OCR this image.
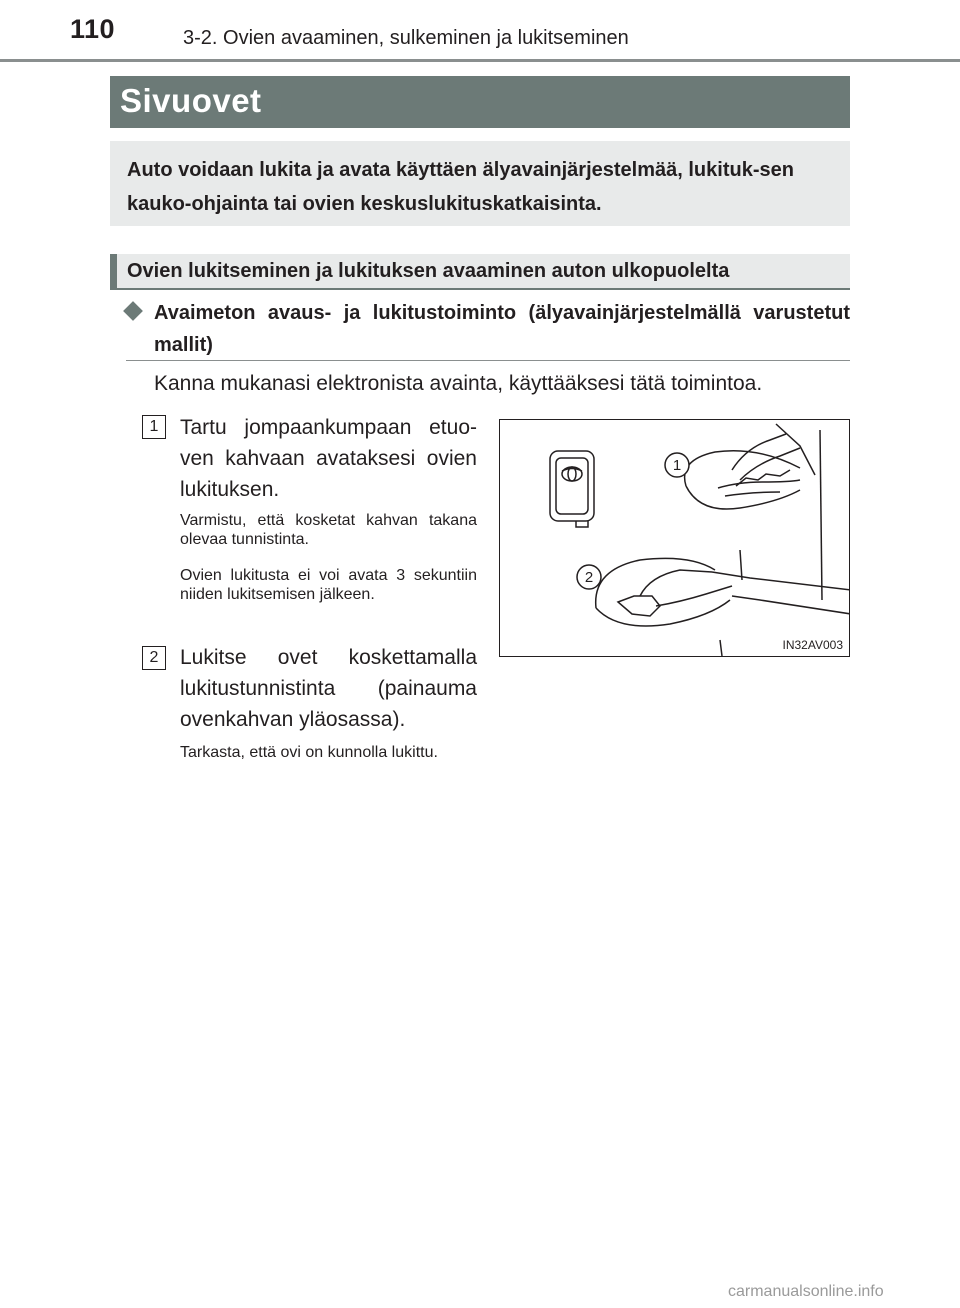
110	3-2. Ovien avaaminen, sulkeminen ja lukitseminen
Sivuovet
Auto voidaan lukita ja avata käyttäen älyavainjärjestelmää, lukituk-sen kauko-ohjainta tai ovien keskuslukituskatkaisinta.
Ovien lukitseminen ja lukituksen avaaminen auton ulkopuolelta
Avaimeton avaus- ja lukitustoiminto (älyavainjärjestelmällä varustetut mallit)
Kanna mukanasi elektronista avainta, käyttääksesi tätä toimintoa.
1	Tartu jompaankumpaan etuo-ven kahvaan avataksesi ovien lukituksen.
Varmistu, että kosketat kahvan takana olevaa tunnistinta.
Ovien lukitusta ei voi avata 3 sekuntiin niiden lukitsemisen jälkeen.
2	Lukitse ovet koskettamalla lukitustunnistinta (painauma ovenkahvan yläosassa).
Tarkasta, että ovi on kunnolla lukittu.
1
2
IN32AV003
carmanualsonline.info
